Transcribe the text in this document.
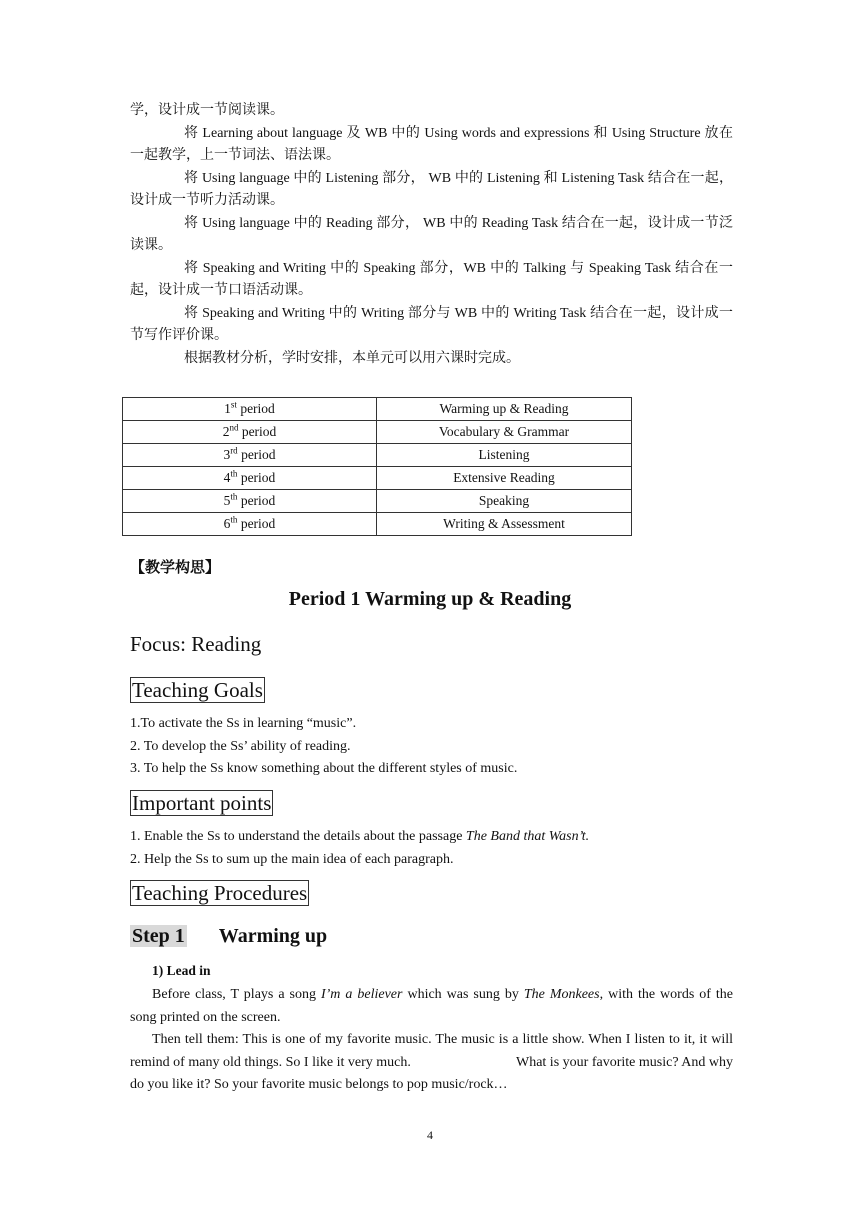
学，设计成一节阅读课。

将 Learning about language 及 WB 中的 Using words and expressions 和 Using Structure 放在一起教学，上一节词法、语法课。

将 Using language 中的 Listening 部分， WB 中的 Listening 和 Listening Task 结合在一起，设计成一节听力活动课。

将 Using language 中的 Reading 部分， WB 中的 Reading Task 结合在一起，设计成一节泛读课。

将 Speaking and Writing 中的 Speaking 部分，WB 中的 Talking 与 Speaking Task 结合在一起，设计成一节口语活动课。

将 Speaking and Writing 中的 Writing 部分与 WB 中的 Writing Task 结合在一起，设计成一节写作评价课。

根据教材分析，学时安排，本单元可以用六课时完成。

1st period	Warming up & Reading
2nd period	Vocabulary & Grammar
3rd period	Listening
4th period	Extensive Reading
5th period	Speaking
6th period	Writing & Assessment
【教学构思】
Period 1 Warming up & Reading
Focus: Reading
Teaching Goals
1.To activate the Ss in learning “music”.
2. To develop the Ss’ ability of reading.
3. To help the Ss know something about the different styles of music.
Important points
1. Enable the Ss to understand the details about the passage The Band that Wasn’t.
2. Help the Ss to sum up the main idea of each paragraph.
Teaching Procedures
Step 1 Warming up
1) Lead in

Before class, T plays a song I’m a believer which was sung by The Monkees, with the words of the song printed on the screen.

Then tell them: This is one of my favorite music. The music is a little show. When I listen to it, it will remind of many old things. So I like it very much.                              What is your favorite music? And why do you like it? So your favorite music belongs to pop music/rock…

4
